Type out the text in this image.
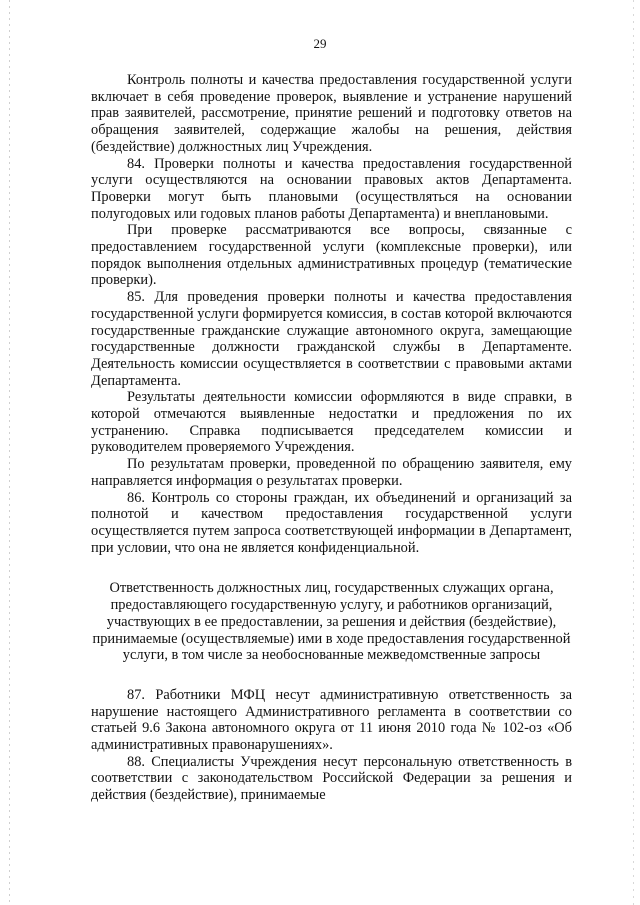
29

Контроль полноты и качества предоставления государственной услуги включает в себя проведение проверок, выявление и устранение нарушений прав заявителей, рассмотрение, принятие решений и подготовку ответов на обращения заявителей, содержащие жалобы на решения, действия (бездействие) должностных лиц Учреждения.

84. Проверки полноты и качества предоставления государственной услуги осуществляются на основании правовых актов Департамента. Проверки могут быть плановыми (осуществляться на основании полугодовых или годовых планов работы Департамента) и внеплановыми.

При проверке рассматриваются все вопросы, связанные с предоставлением государственной услуги (комплексные проверки), или порядок выполнения отдельных административных процедур (тематические проверки).

85. Для проведения проверки полноты и качества предоставления государственной услуги формируется комиссия, в состав которой включаются государственные гражданские служащие автономного округа, замещающие государственные должности гражданской службы в Департаменте. Деятельность комиссии осуществляется в соответствии с правовыми актами Департамента.

Результаты деятельности комиссии оформляются в виде справки, в которой отмечаются выявленные недостатки и предложения по их устранению. Справка подписывается председателем комиссии и руководителем проверяемого Учреждения.

По результатам проверки, проведенной по обращению заявителя, ему направляется информация о результатах проверки.

86. Контроль со стороны граждан, их объединений и организаций за полнотой и качеством предоставления государственной услуги осуществляется путем запроса соответствующей информации в Департамент, при условии, что она не является конфиденциальной.

Ответственность должностных лиц, государственных служащих органа, предоставляющего государственную услугу, и работников организаций, участвующих в ее предоставлении, за решения и действия (бездействие), принимаемые (осуществляемые) ими в ходе предоставления государственной услуги, в том числе за необоснованные межведомственные запросы

87. Работники МФЦ несут административную ответственность за нарушение настоящего Административного регламента в соответствии со статьей 9.6 Закона автономного округа от 11 июня 2010 года № 102-оз «Об административных правонарушениях».

88. Специалисты Учреждения несут персональную ответственность в соответствии с законодательством Российской Федерации за решения и действия (бездействие), принимаемые
